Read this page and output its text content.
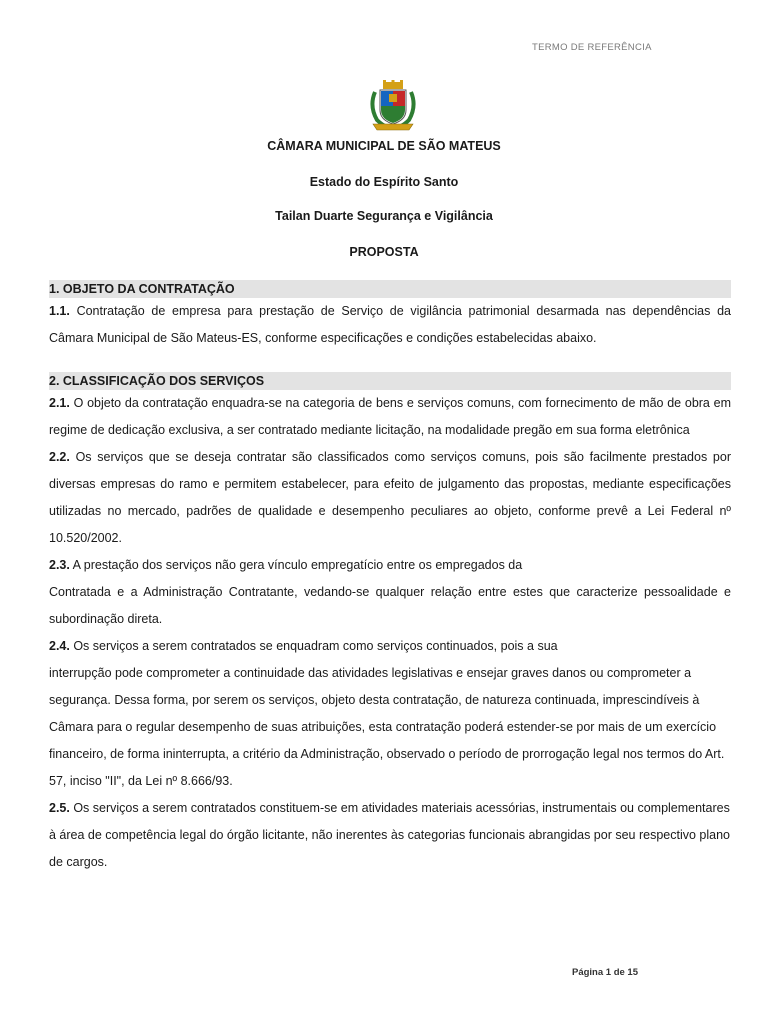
TERMO DE REFERÊNCIA
CÂMARA MUNICIPAL DE SÃO MATEUS
Estado do Espírito Santo
Tailan Duarte Segurança e Vigilância
PROPOSTA
1. OBJETO DA CONTRATAÇÃO

1.1. Contratação de empresa para prestação de Serviço de vigilância patrimonial desarmada nas dependências da Câmara Municipal de São Mateus-ES, conforme especificações e condições estabelecidas abaixo.

2. CLASSIFICAÇÃO DOS SERVIÇOS

2.1. O objeto da contratação enquadra-se na categoria de bens e serviços comuns, com fornecimento de mão de obra em regime de dedicação exclusiva, a ser contratado mediante licitação, na modalidade pregão em sua forma eletrônica

2.2. Os serviços que se deseja contratar são classificados como serviços comuns, pois são facilmente prestados por diversas empresas do ramo e permitem estabelecer, para efeito de julgamento das propostas, mediante especificações utilizadas no mercado, padrões de qualidade e desempenho peculiares ao objeto, conforme prevê a Lei Federal nº 10.520/2002.

2.3. A prestação dos serviços não gera vínculo empregatício entre os empregados da

Contratada e a Administração Contratante, vedando-se qualquer relação entre estes que caracterize pessoalidade e subordinação direta.

2.4. Os serviços a serem contratados se enquadram como serviços continuados, pois a sua

interrupção pode comprometer a continuidade das atividades legislativas e ensejar graves danos ou comprometer a segurança. Dessa forma, por serem os serviços, objeto desta contratação, de natureza continuada, imprescindíveis à Câmara para o regular desempenho de suas atribuições, esta contratação poderá estender-se por mais de um exercício financeiro, de forma ininterrupta, a critério da Administração, observado o período de prorrogação legal nos termos do Art. 57, inciso "II", da Lei nº 8.666/93.

2.5. Os serviços a serem contratados constituem-se em atividades materiais acessórias, instrumentais ou complementares à área de competência legal do órgão licitante, não inerentes às categorias funcionais abrangidas por seu respectivo plano de cargos.

Página 1 de 15
